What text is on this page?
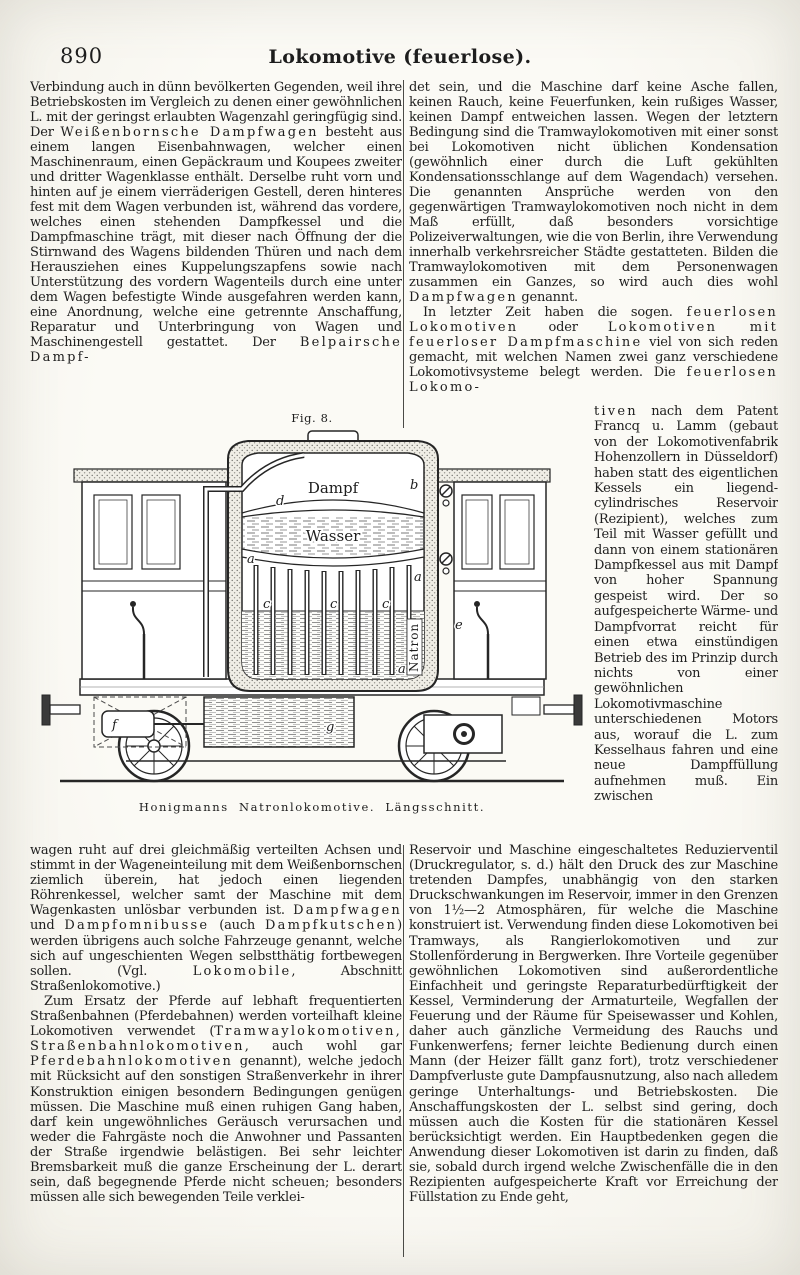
890	Lokomotive (feuerlose).

Verbindung auch in dünn bevölkerten Gegenden, weil ihre Betriebskosten im Vergleich zu denen einer gewöhnlichen L. mit der geringst erlaubten Wagenzahl geringfügig sind. Der Weißenbornsche Dampfwagen besteht aus einem langen Eisenbahnwagen, welcher einen Maschinenraum, einen Gepäckraum und Koupees zweiter und dritter Wagenklasse enthält. Derselbe ruht vorn und hinten auf je einem vierräderigen Gestell, deren hinteres fest mit dem Wagen verbunden ist, während das vordere, welches einen stehenden Dampfkessel und die Dampfmaschine trägt, mit dieser nach Öffnung der die Stirnwand des Wagens bildenden Thüren und nach dem Herausziehen eines Kuppelungszapfens sowie nach Unterstützung des vordern Wagenteils durch eine unter dem Wagen befestigte Winde ausgefahren werden kann, eine Anordnung, welche eine getrennte Anschaffung, Reparatur und Unterbringung von Wagen und Maschinengestell gestattet. Der Belpairsche Dampf-

det sein, und die Maschine darf keine Asche fallen, keinen Rauch, keine Feuerfunken, kein rußiges Wasser, keinen Dampf entweichen lassen. Wegen der letztern Bedingung sind die Tramwaylokomotiven mit einer sonst bei Lokomotiven nicht üblichen Kondensation (gewöhnlich einer durch die Luft gekühlten Kondensationsschlange auf dem Wagendach) versehen. Die genannten Ansprüche werden von den gegenwärtigen Tramwaylokomotiven noch nicht in dem Maß erfüllt, daß besonders vorsichtige Polizeiverwaltungen, wie die von Berlin, ihre Verwendung innerhalb verkehrsreicher Städte gestatteten. Bilden die Tramwaylokomotiven mit dem Personenwagen zusammen ein Ganzes, so wird auch dies wohl Dampfwagen genannt.

In letzter Zeit haben die sogen. feuerlosen Lokomotiven oder Lokomotiven mit feuerloser Dampfmaschine viel von sich reden gemacht, mit welchen Namen zwei ganz verschiedene Lokomotivsysteme belegt werden. Die feuerlosen Lokomo-

tiven nach dem Patent Francq u. Lamm (gebaut von der Lokomotivenfabrik Hohenzollern in Düsseldorf) haben statt des eigentlichen Kessels ein liegend-cylindrisches Reservoir (Rezipient), welches zum Teil mit Wasser gefüllt und dann von einem stationären Dampfkessel aus mit Dampf von hoher Spannung gespeist wird. Der so aufgespeicherte Wärme- und Dampfvorrat reicht für einen etwa einstündigen Betrieb des im Prinzip durch nichts von einer gewöhnlichen Lokomotivmaschine unterschiedenen Motors aus, worauf die L. zum Kesselhaus fahren und eine neue Dampffüllung aufnehmen muß. Ein zwischen

Fig. 8.
Dampf
Wasser
Natron
d
b
a
a
a
c	c	c
e
f	g
Honigmanns Natronlokomotive. Längsschnitt.

wagen ruht auf drei gleichmäßig verteilten Achsen und stimmt in der Wageneinteilung mit dem Weißenbornschen ziemlich überein, hat jedoch einen liegenden Röhrenkessel, welcher samt der Maschine mit dem Wagenkasten unlösbar verbunden ist. Dampfwagen und Dampfomnibusse (auch Dampfkutschen) werden übrigens auch solche Fahrzeuge genannt, welche sich auf ungeschienten Wegen selbstthätig fortbewegen sollen. (Vgl. Lokomobile, Abschnitt Straßenlokomotive.)

Zum Ersatz der Pferde auf lebhaft frequentierten Straßenbahnen (Pferdebahnen) werden vorteilhaft kleine Lokomotiven verwendet (Tramwaylokomotiven, Straßenbahnlokomotiven, auch wohl gar Pferdebahnlokomotiven genannt), welche jedoch mit Rücksicht auf den sonstigen Straßenverkehr in ihrer Konstruktion einigen besondern Bedingungen genügen müssen. Die Maschine muß einen ruhigen Gang haben, darf kein ungewöhnliches Geräusch verursachen und weder die Fahrgäste noch die Anwohner und Passanten der Straße irgendwie belästigen. Bei sehr leichter Bremsbarkeit muß die ganze Erscheinung der L. derart sein, daß begegnende Pferde nicht scheuen; besonders müssen alle sich bewegenden Teile verklei-

Reservoir und Maschine eingeschaltetes Reduzierventil (Druckregulator, s. d.) hält den Druck des zur Maschine tretenden Dampfes, unabhängig von den starken Druckschwankungen im Reservoir, immer in den Grenzen von 1½—2 Atmosphären, für welche die Maschine konstruiert ist. Verwendung finden diese Lokomotiven bei Tramways, als Rangierlokomotiven und zur Stollenförderung in Bergwerken. Ihre Vorteile gegenüber gewöhnlichen Lokomotiven sind außerordentliche Einfachheit und geringste Reparaturbedürftigkeit der Kessel, Verminderung der Armaturteile, Wegfallen der Feuerung und der Räume für Speisewasser und Kohlen, daher auch gänzliche Vermeidung des Rauchs und Funkenwerfens; ferner leichte Bedienung durch einen Mann (der Heizer fällt ganz fort), trotz verschiedener Dampfverluste gute Dampfausnutzung, also nach alledem geringe Unterhaltungs- und Betriebskosten. Die Anschaffungskosten der L. selbst sind gering, doch müssen auch die Kosten für die stationären Kessel berücksichtigt werden. Ein Hauptbedenken gegen die Anwendung dieser Lokomotiven ist darin zu finden, daß sie, sobald durch irgend welche Zwischenfälle die in den Rezipienten aufgespeicherte Kraft vor Erreichung der Füllstation zu Ende geht,
